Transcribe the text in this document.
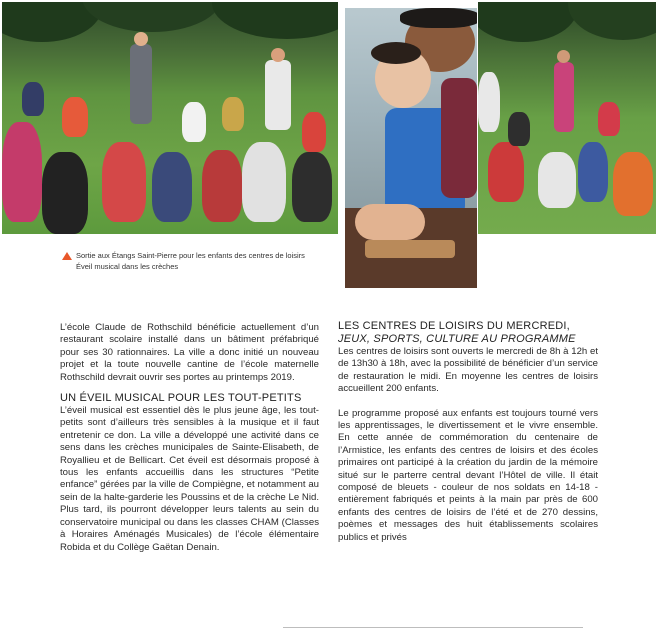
Sortie aux Étangs Saint-Pierre pour les enfants des centres de loisirs
Éveil musical dans les crèches

L’école Claude de Rothschild bénéficie actuellement d’un restaurant scolaire installé dans un bâtiment préfabriqué pour ses 30 rationnaires. La ville a donc initié un nouveau projet et la toute nouvelle cantine de l’école maternelle Rothschild devrait ouvrir ses portes au printemps 2019.

UN ÉVEIL MUSICAL POUR LES TOUT-PETITS

L’éveil musical est essentiel dès le plus jeune âge, les tout-petits sont d’ailleurs très sensibles à la musique et il faut entretenir ce don. La ville a développé une activité dans ce sens dans les crèches municipales de Sainte-Elisabeth, de Royallieu et de Bellicart. Cet éveil est désormais proposé à tous les enfants accueillis dans les structures “Petite enfance” gérées par la ville de Compiègne, et notamment au sein de la halte-garderie les Poussins et de la crèche Le Nid. Plus tard, ils pourront développer leurs talents au sein du conservatoire municipal ou dans les classes CHAM (Classes à Horaires Aménagés Musicales) de l’école élémentaire Robida et du Collège Gaëtan Denain.

LES CENTRES DE LOISIRS DU MERCREDI,

JEUX, SPORTS, CULTURE AU PROGRAMME

Les centres de loisirs sont ouverts le mercredi de 8h à 12h et de 13h30 à 18h, avec la possibilité de bénéficier d’un service de restauration le midi. En moyenne les centres de loisirs accueillent 200 enfants.

Le programme proposé aux enfants est toujours tourné vers les apprentissages, le divertissement et le vivre ensemble. En cette année de commémoration du centenaire de l’Armistice, les enfants des centres de loisirs et des écoles primaires ont participé à la création du jardin de la mémoire situé sur le parterre central devant l’Hôtel de ville. Il était composé de bleuets - couleur de nos soldats en 14-18 - entièrement fabriqués et peints à la main par près de 600 enfants des centres de loisirs de l’été et de 270 dessins, poèmes et messages des huit établissements scolaires publics et privés
